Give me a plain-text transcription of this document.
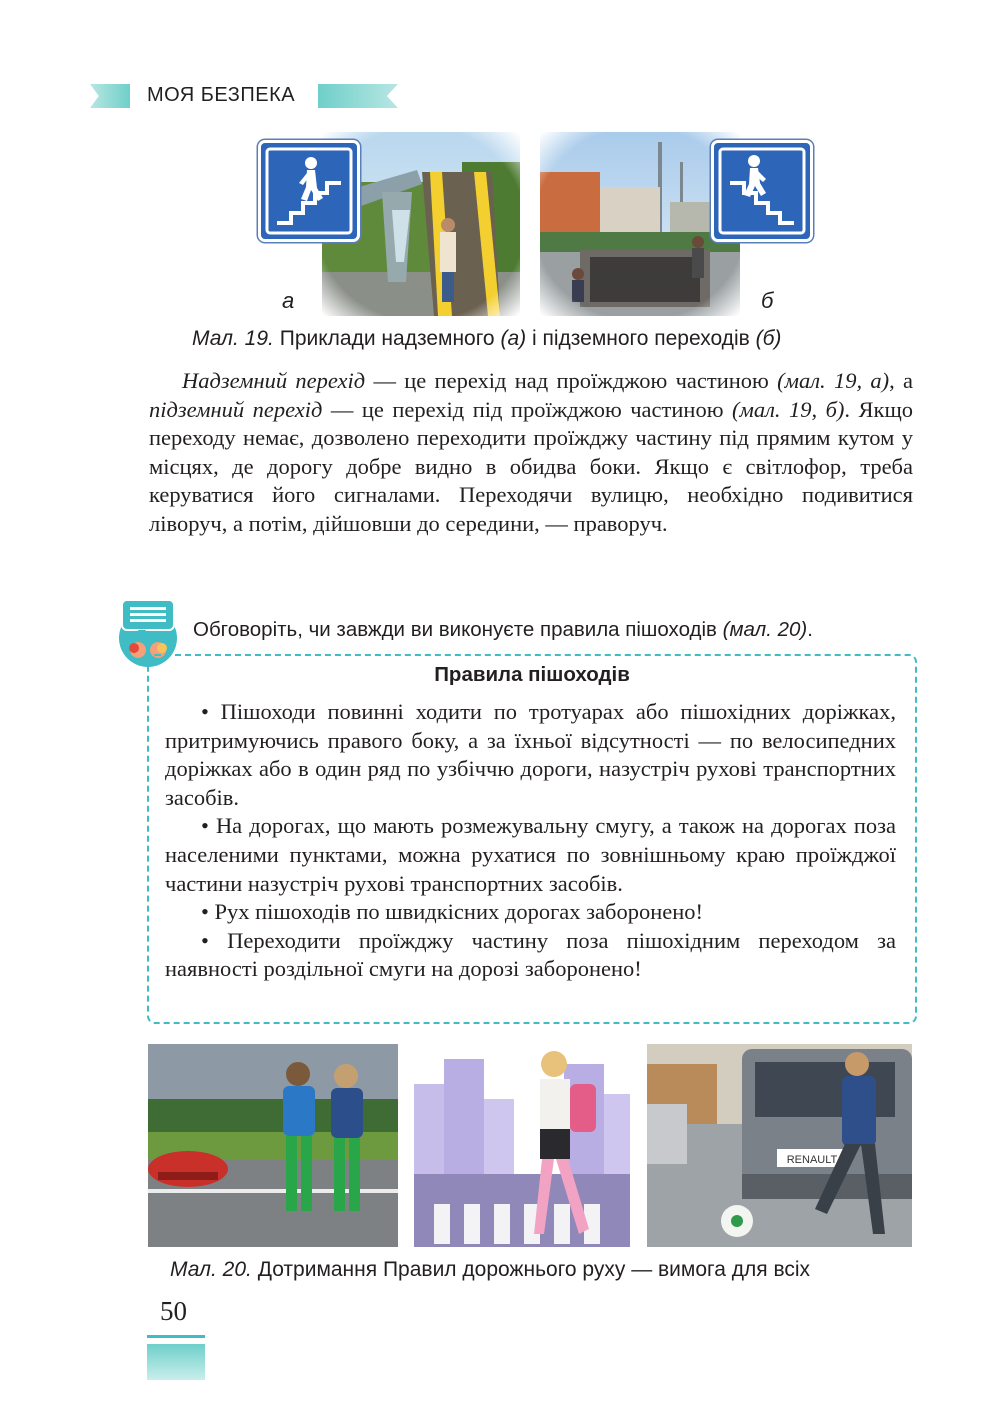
МОЯ БЕЗПЕКА
а	б
Мал. 19. Приклади надземного (а) і підземного переходів (б)
Надземний перехід — це перехід над проїжджою частиною (мал. 19, а), а підземний перехід — це перехід під проїжджою частиною (мал. 19, б). Якщо переходу немає, дозволено переходити проїжджу частину під прямим кутом у місцях, де дорогу добре видно в обидва боки. Якщо є світлофор, треба керуватися його сигналами. Переходячи вулицю, необхідно подивитися ліворуч, а потім, дійшовши до середини, — праворуч.
Обговоріть, чи завжди ви виконуєте правила пішоходів (мал. 20).
Правила пішоходів

• Пішоходи повинні ходити по тротуарах або пішохідних доріжках, притримуючись правого боку, а за їхньої відсутності — по велосипедних доріжках або в один ряд по узбіччю дороги, назустріч руховi транспортних засобів.

• На дорогах, що мають розмежувальну смугу, а також на дорогах поза населеними пунктами, можна рухатися по зовнішньому краю проїжджої частини назустріч рухові транспортних засобів.

• Рух пішоходів по швидкісних дорогах заборонено!

• Переходити проїжджу частину поза пішохідним переходом за наявності роздільної смуги на дорозі заборонено!

RENAULT
Мал. 20. Дотримання Правил дорожнього руху — вимога для всіх
50
